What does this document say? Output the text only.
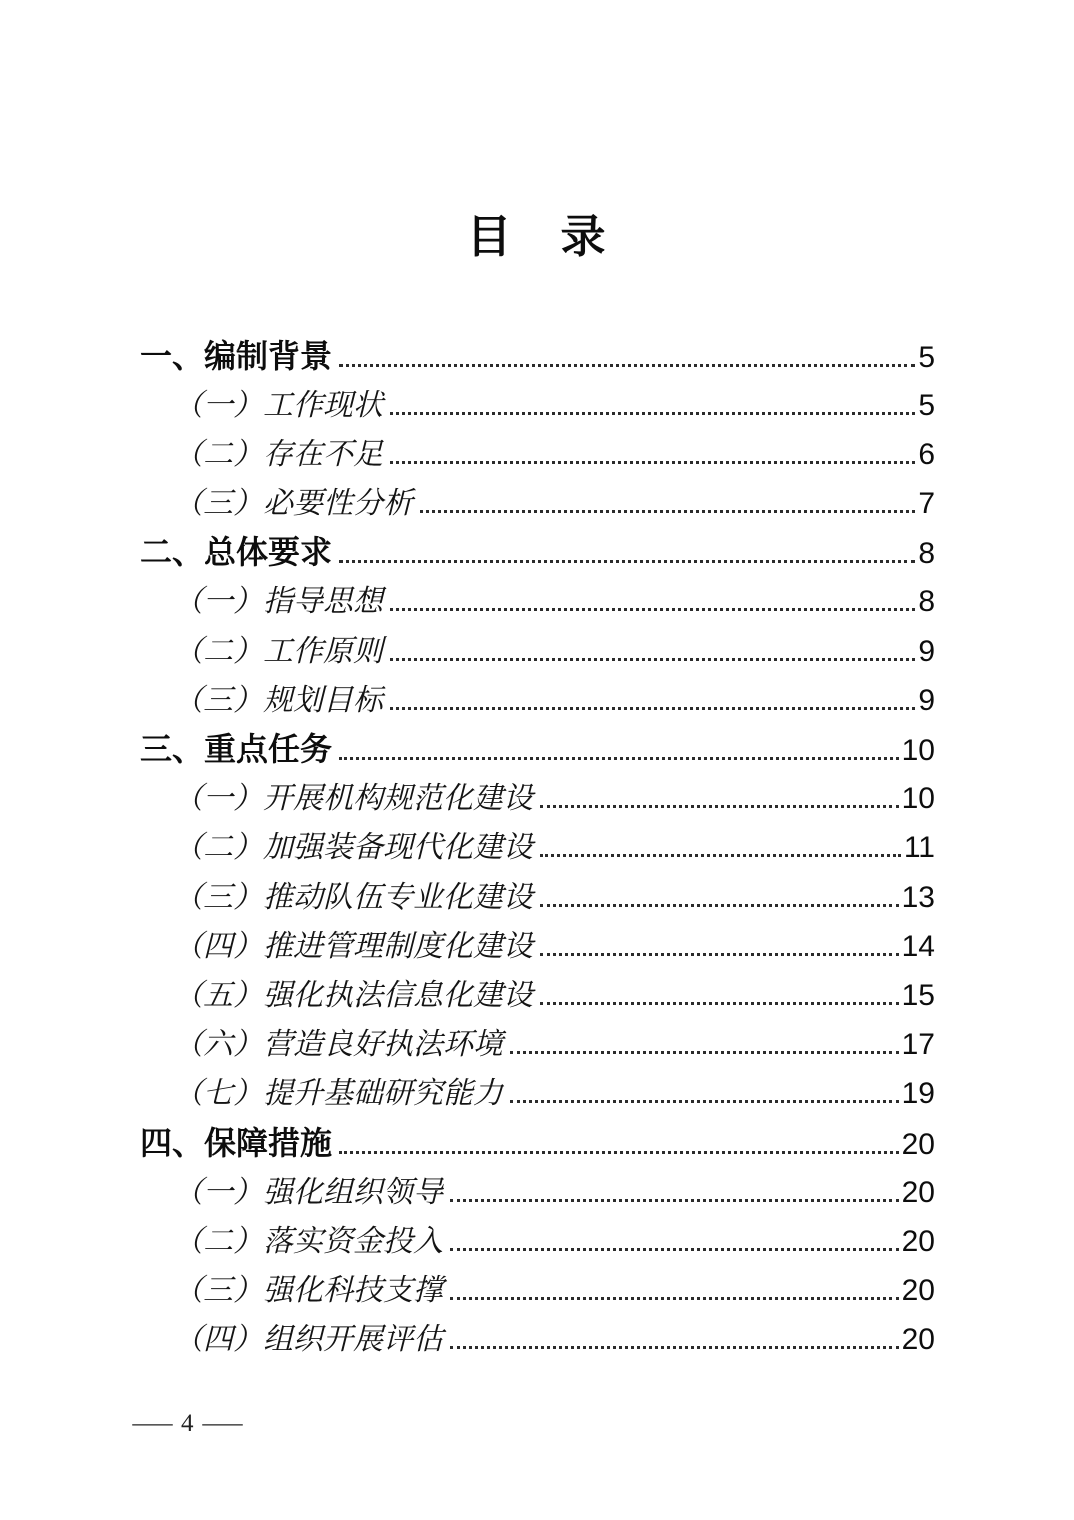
目　录
一、编制背景	5
（一）工作现状	5
（二）存在不足	6
（三）必要性分析	7
二、总体要求	8
（一）指导思想	8
（二）工作原则	9
（三）规划目标	9
三、重点任务	10
（一）开展机构规范化建设	10
（二）加强装备现代化建设	11
（三）推动队伍专业化建设	13
（四）推进管理制度化建设	14
（五）强化执法信息化建设	15
（六）营造良好执法环境	17
（七）提升基础研究能力	19
四、保障措施	20
（一）强化组织领导	20
（二）落实资金投入	20
（三）强化科技支撑	20
（四）组织开展评估	20
— 4 —
